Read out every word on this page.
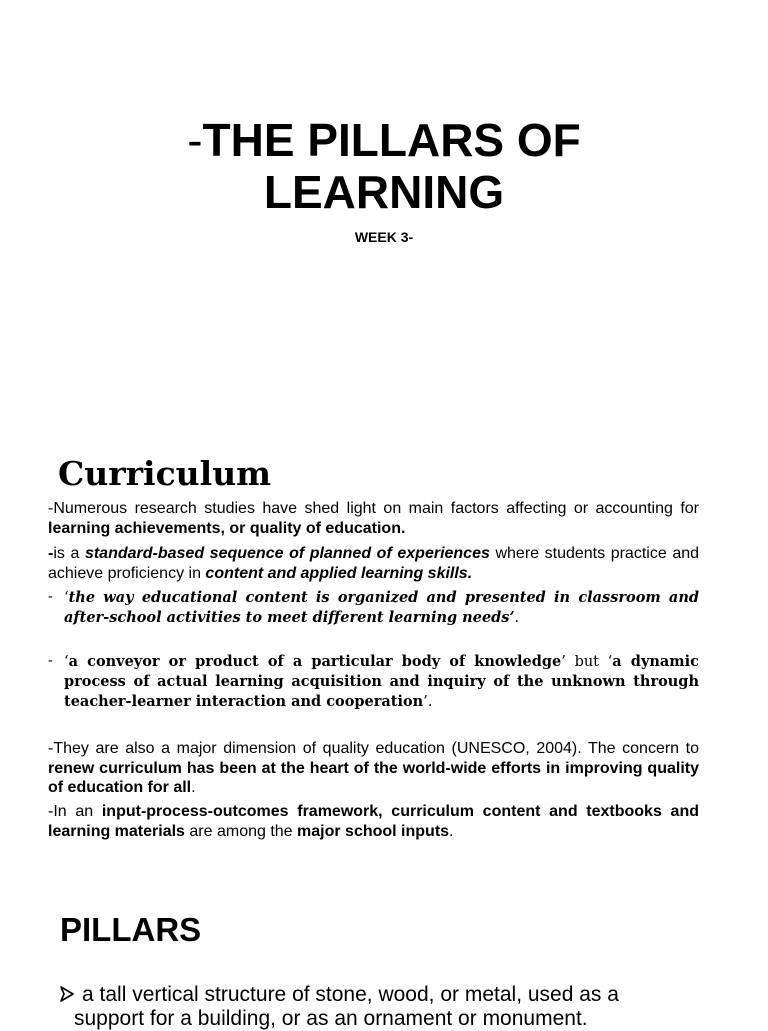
-THE PILLARS OF
LEARNING
WEEK 3-
Curriculum
-Numerous research studies have shed light on main factors affecting or accounting for learning achievements, or quality of education.
-is a standard-based sequence of planned of experiences where students practice and achieve proficiency in content and applied learning skills.
- ‘the way educational content is organized and presented in classroom and after-school activities to meet different learning needs’.
- ‘a conveyor or product of a particular body of knowledge’ but ‘a dynamic process of actual learning acquisition and inquiry of the unknown through teacher-learner interaction and cooperation’.
-They are also a major dimension of quality education (UNESCO, 2004). The concern to renew curriculum has been at the heart of the world-wide efforts in improving quality of education for all.
-In an input-process-outcomes framework, curriculum content and textbooks and learning materials are among the major school inputs.
PILLARS
a tall vertical structure of stone, wood, or metal, used as a
support for a building, or as an ornament or monument.
